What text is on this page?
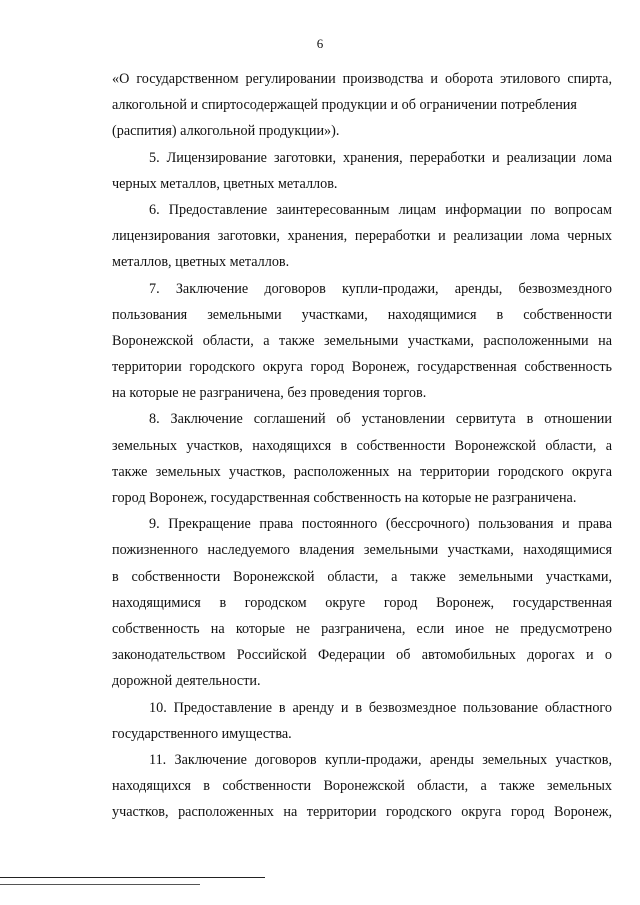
6
«О государственном регулировании производства и оборота этилового спирта,
алкогольной и спиртосодержащей продукции и об ограничении потребления
(распития) алкогольной продукции»).
5. Лицензирование заготовки, хранения, переработки и реализации лома
черных металлов, цветных металлов.
6. Предоставление заинтересованным лицам информации по вопросам
лицензирования заготовки, хранения, переработки и реализации лома черных
металлов, цветных металлов.
7. Заключение договоров купли-продажи, аренды, безвозмездного
пользования земельными участками, находящимися в собственности
Воронежской области, а также земельными участками, расположенными на
территории городского округа город Воронеж, государственная собственность
на которые не разграничена, без проведения торгов.
8. Заключение соглашений об установлении сервитута в отношении
земельных участков, находящихся в собственности Воронежской области, а
также земельных участков, расположенных на территории городского округа
город Воронеж, государственная собственность на которые не разграничена.
9. Прекращение права постоянного (бессрочного) пользования и права
пожизненного наследуемого владения земельными участками, находящимися
в собственности Воронежской области, а также земельными участками,
находящимися в городском округе город Воронеж, государственная
собственность на которые не разграничена, если иное не предусмотрено
законодательством Российской Федерации об автомобильных дорогах и о
дорожной деятельности.
10. Предоставление в аренду и в безвозмездное пользование областного
государственного имущества.
11. Заключение договоров купли-продажи, аренды земельных участков,
находящихся в собственности Воронежской области, а также земельных
участков, расположенных на территории городского округа город Воронеж,
